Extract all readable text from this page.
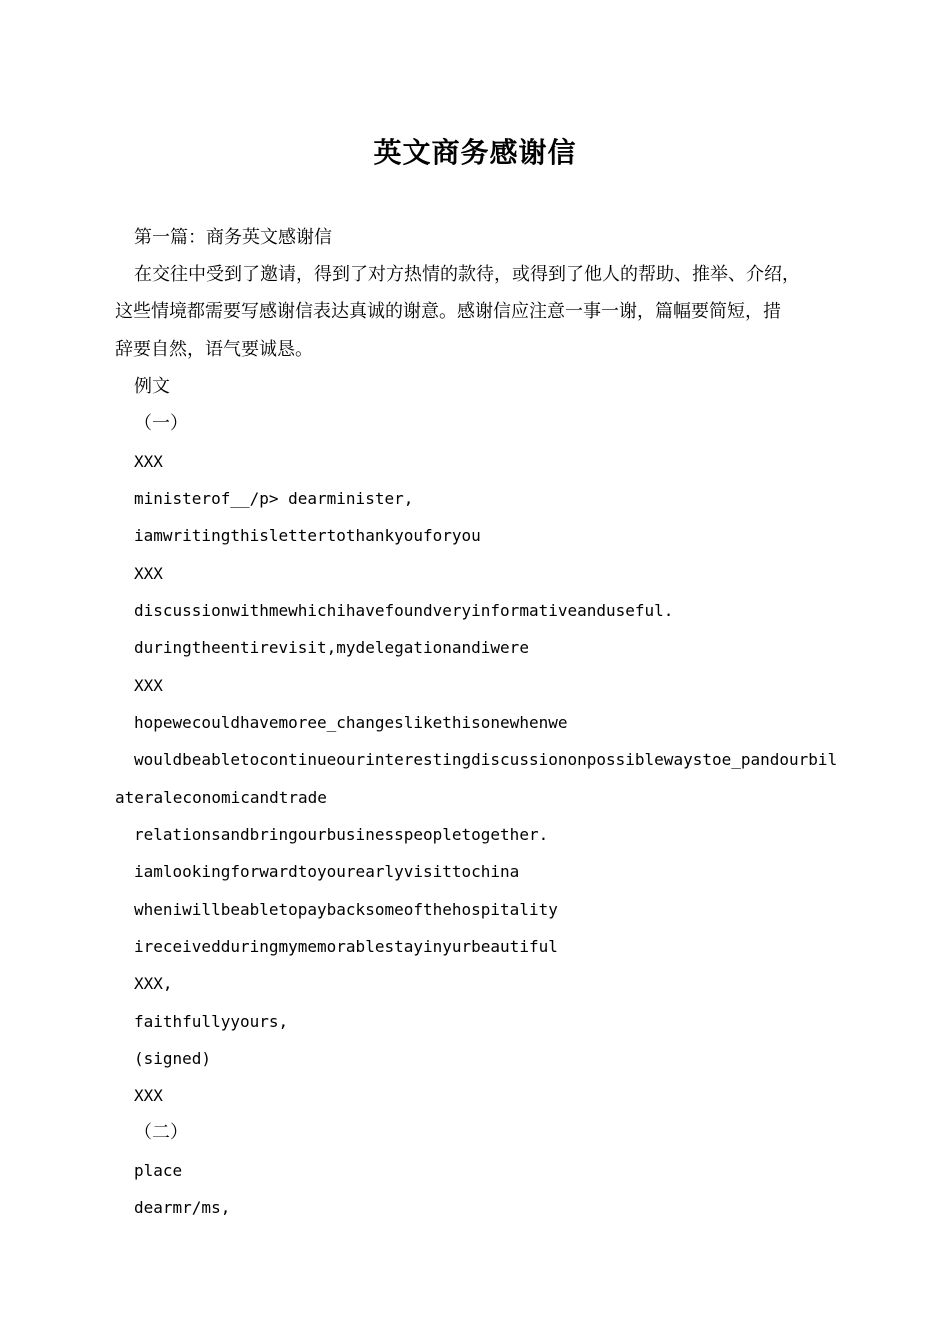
英文商务感谢信
第一篇：商务英文感谢信
在交往中受到了邀请，得到了对方热情的款待，或得到了他人的帮助、推举、介绍，
这些情境都需要写感谢信表达真诚的谢意。感谢信应注意一事一谢，篇幅要简短，措
辞要自然，语气要诚恳。
例文
（一）
XXX
ministerof__/p> dearminister,
iamwritingthislettertothankyouforyou
XXX
discussionwithmewhichihavefoundveryinformativeanduseful.
duringtheentirevisit,mydelegationandiwere
XXX
hopewecouldhavemoree_changeslikethisonewhenwe
wouldbeabletocontinueourinterestingdiscussiononpossiblewaystoe_pandourbil
ateraleconomicandtrade
relationsandbringourbusinesspeopletogether.
iamlookingforwardtoyourearlyvisittochina
wheniwillbeabletopaybacksomeofthehospitality
ireceivedduringmymemorablestayinyurbeautiful
XXX,
faithfullyyours,
(signed)
XXX
（二）
place
dearmr/ms,
